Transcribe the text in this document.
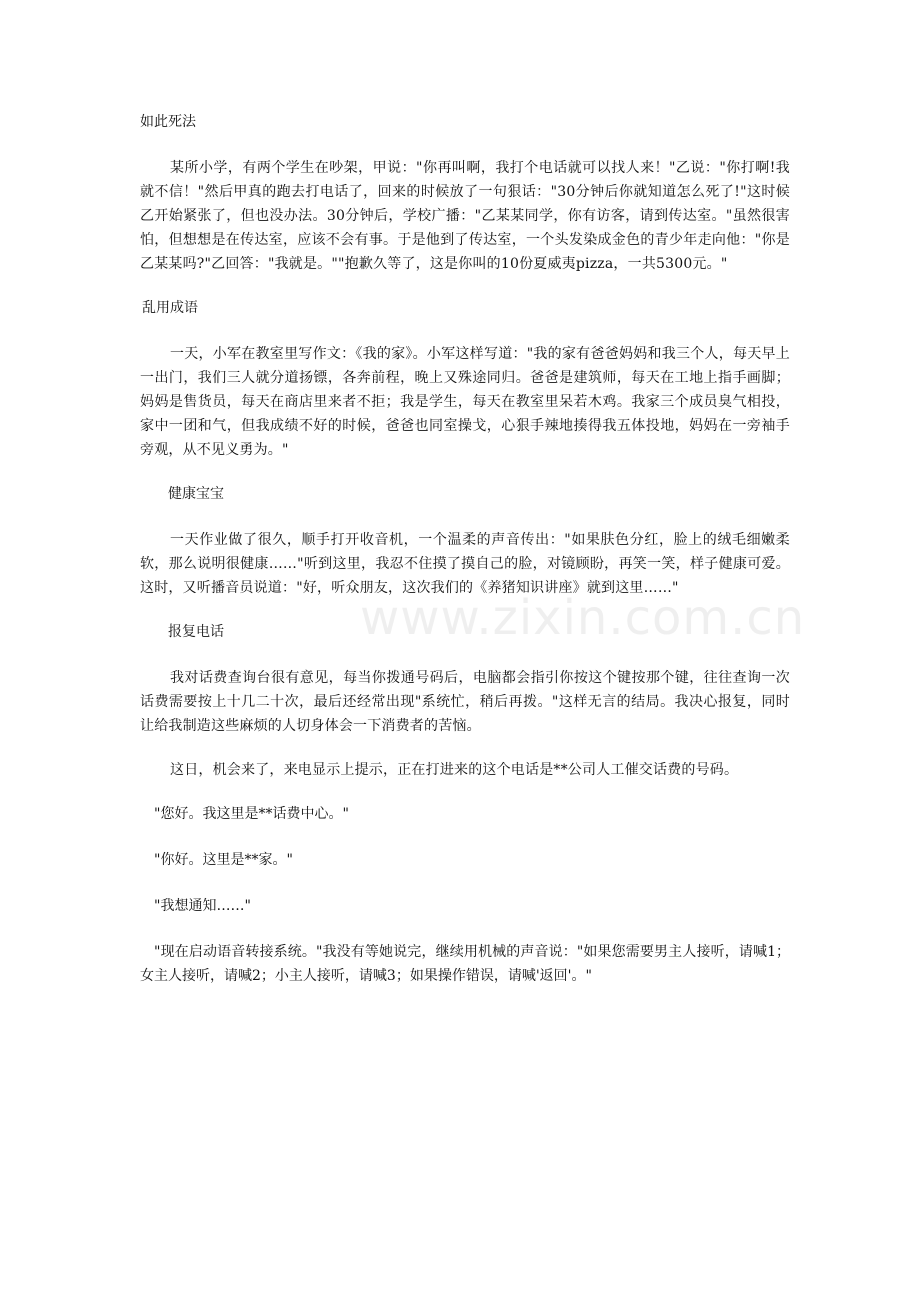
如此死法

某所小学，有两个学生在吵架，甲说："你再叫啊，我打个电话就可以找人来！"乙说："你打啊!我就不信！"然后甲真的跑去打电话了，回来的时候放了一句狠话："30分钟后你就知道怎么死了!"这时候乙开始紧张了，但也没办法。30分钟后，学校广播："乙某某同学，你有访客，请到传达室。"虽然很害怕，但想想是在传达室，应该不会有事。于是他到了传达室，一个头发染成金色的青少年走向他："你是乙某某吗?"乙回答："我就是。""抱歉久等了，这是你叫的10份夏威夷pizza，一共5300元。"

乱用成语

一天，小军在教室里写作文：《我的家》。小军这样写道："我的家有爸爸妈妈和我三个人，每天早上一出门，我们三人就分道扬镖，各奔前程，晚上又殊途同归。爸爸是建筑师，每天在工地上指手画脚；妈妈是售货员，每天在商店里来者不拒；我是学生，每天在教室里呆若木鸡。我家三个成员臭气相投，家中一团和气，但我成绩不好的时候，爸爸也同室操戈，心狠手辣地揍得我五体投地，妈妈在一旁袖手旁观，从不见义勇为。"

健康宝宝

一天作业做了很久，顺手打开收音机，一个温柔的声音传出："如果肤色分红，脸上的绒毛细嫩柔软，那么说明很健康……"听到这里，我忍不住摸了摸自己的脸，对镜顾盼，再笑一笑，样子健康可爱。这时，又听播音员说道："好，听众朋友，这次我们的《养猪知识讲座》就到这里……"

报复电话

我对话费查询台很有意见，每当你拨通号码后，电脑都会指引你按这个键按那个键，往往查询一次话费需要按上十几二十次，最后还经常出现"系统忙，稍后再拨。"这样无言的结局。我决心报复，同时让给我制造这些麻烦的人切身体会一下消费者的苦恼。

这日，机会来了，来电显示上提示，正在打进来的这个电话是**公司人工催交话费的号码。

"您好。我这里是**话费中心。"

"你好。这里是**家。"

"我想通知……"

"现在启动语音转接系统。"我没有等她说完，继续用机械的声音说："如果您需要男主人接听，请喊1；女主人接听，请喊2；小主人接听，请喊3；如果操作错误，请喊'返回'。"

www.zixin.com.cn
